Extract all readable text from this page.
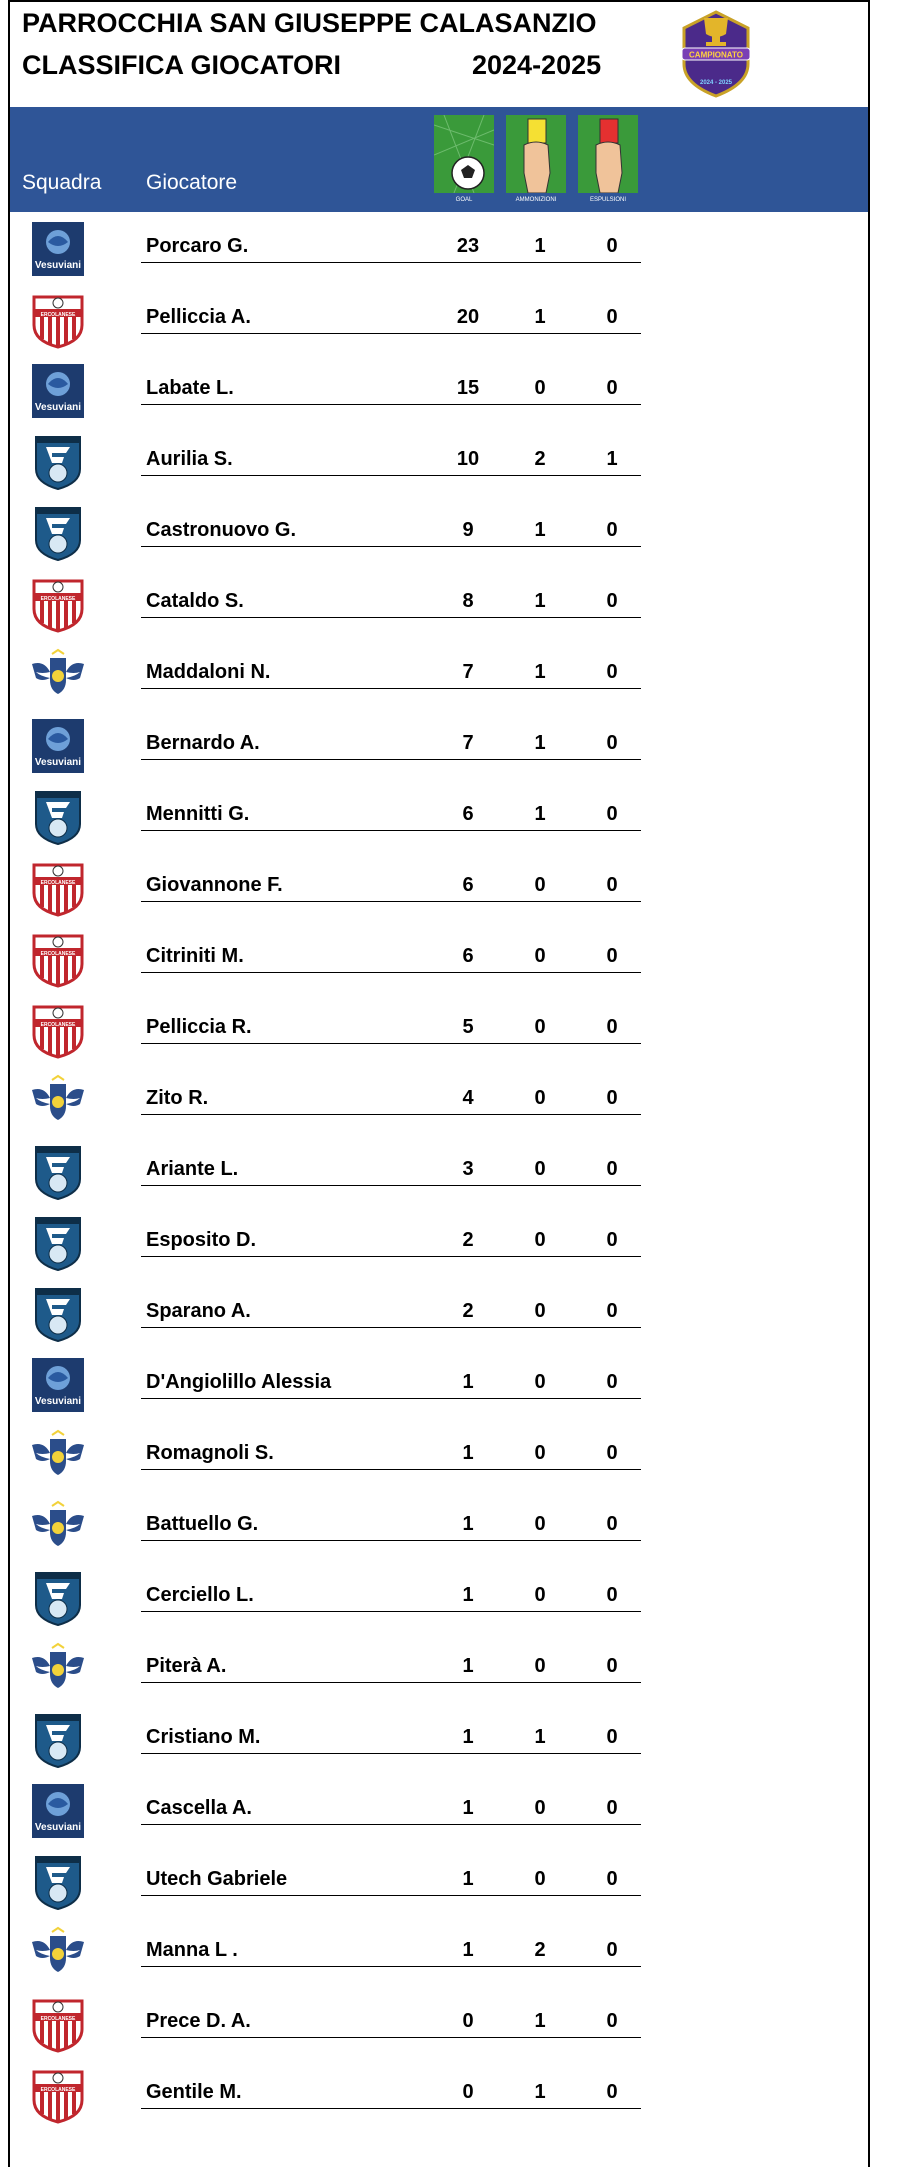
PARROCCHIA SAN GIUSEPPE CALASANZIO
CLASSIFICA GIOCATORI	2024-2025	CAMPIONATO
2024 - 2025
Squadra Giocatore
GOAL	AMMONIZIONI	ESPULSIONI
Vesuviani
Porcaro G.	23	1	0
ERCOLANESE	Pelliccia A.	20	1	0
Vesuviani
Labate L.	15	0	0
Aurilia S.	10	2	1
Castronuovo G.	9	1	0
ERCOLANESE	Cataldo S.	8	1	0
Maddaloni N.	7	1	0
Vesuviani
Bernardo A.	7	1	0
Mennitti G.	6	1	0
ERCOLANESE	Giovannone F.	6	0	0
ERCOLANESE	Citriniti M.	6	0	0
ERCOLANESE	Pelliccia R.	5	0	0
Zito R.	4	0	0
Ariante L.	3	0	0
Esposito D.	2	0	0
Sparano A.	2	0	0
Vesuviani
D'Angiolillo Alessia	1	0	0
Romagnoli S.	1	0	0
Battuello G.	1	0	0
Cerciello L.	1	0	0
Piterà A.	1	0	0
Cristiano M.	1	1	0
Vesuviani
Cascella A.	1	0	0
Utech Gabriele	1	0	0
Manna L .	1	2	0
ERCOLANESE	Prece D. A.	0	1	0
ERCOLANESE	Gentile M.	0	1	0
